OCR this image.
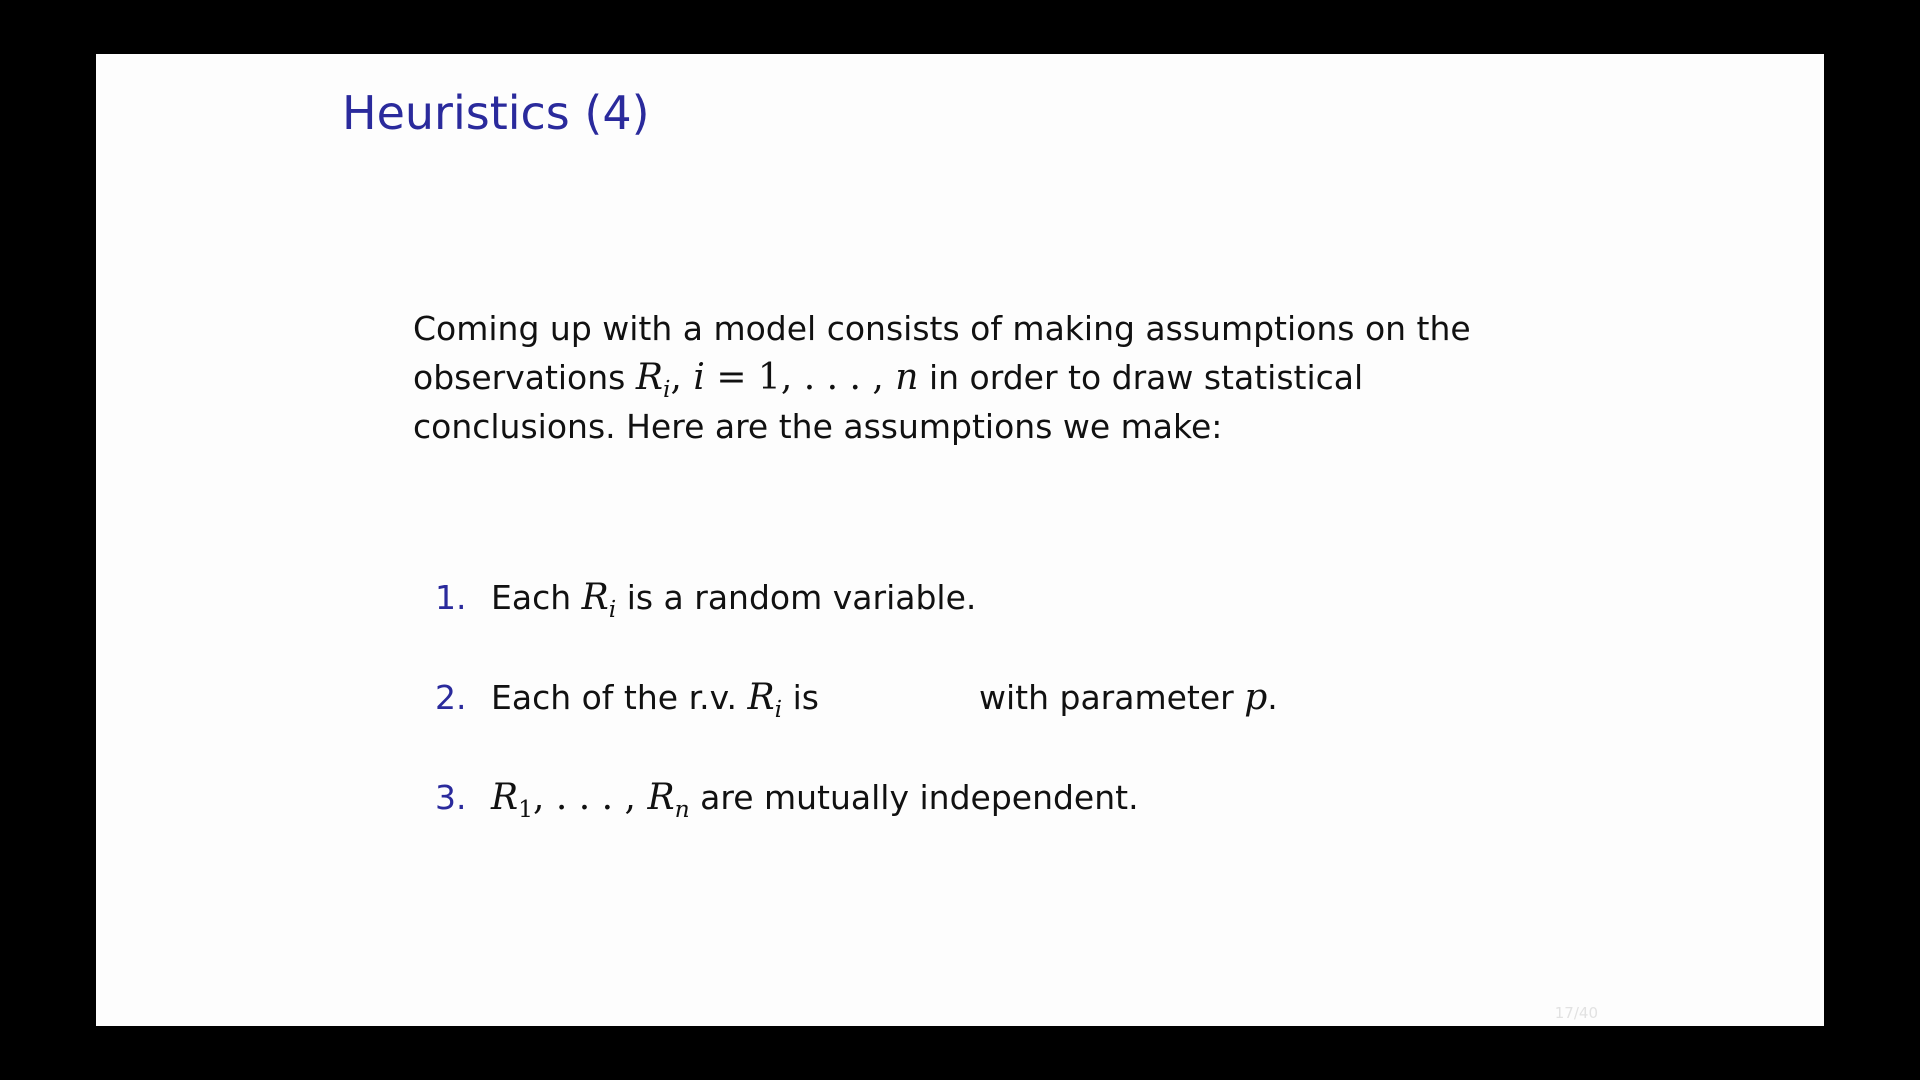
Heuristics (4)

Coming up with a model consists of making assumptions on the
observations $R_i$, i = 1, . . . , n in order to draw statistical
conclusions. Here are the assumptions we make:

1. Each $R_i$ is a random variable.
2. Each of the r.v. $R_i$ is	with parameter p.
3. $R_1$, . . . , $R_n$ are mutually independent.
17/40
